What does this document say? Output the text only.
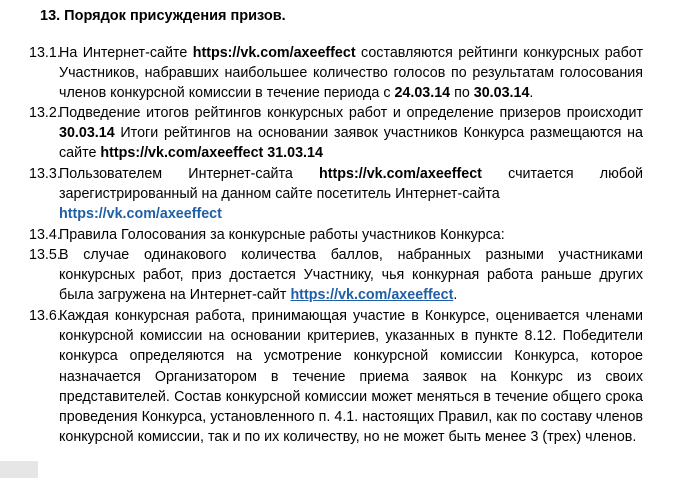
13. Порядок присуждения призов.
13.1.
На Интернет-сайте https://vk.com/axeeffect составляются рейтинги конкурсных работ Участников, набравших наибольшее количество голосов по результатам голосования членов конкурсной комиссии в течение периода с 24.03.14 по 30.03.14.
13.2.
Подведение итогов рейтингов конкурсных работ и определение призеров происходит 30.03.14 Итоги рейтингов на основании заявок участников Конкурса размещаются на сайте https://vk.com/axeeffect 31.03.14
13.3.
Пользователем Интернет-сайта https://vk.com/axeeffect считается любой зарегистрированный на данном сайте посетитель Интернет-сайта
https://vk.com/axeeffect
13.4.
Правила Голосования за конкурсные работы участников Конкурса:
13.5.
В случае одинакового количества баллов, набранных разными участниками конкурсных работ, приз достается Участнику, чья конкурная работа раньше других была загружена на Интернет-сайт https://vk.com/axeeffect.
13.6.
Каждая конкурсная работа, принимающая участие в Конкурсе, оценивается членами конкурсной комиссии на основании критериев, указанных в пункте 8.12. Победители конкурса определяются на усмотрение конкурсной комиссии Конкурса, которое назначается Организатором в течение приема заявок на Конкурс из своих представителей. Состав конкурсной комиссии может меняться в течение общего срока проведения Конкурса, установленного п. 4.1. настоящих Правил, как по составу членов конкурсной комиссии, так и по их количеству, но не может быть менее 3 (трех) членов.
